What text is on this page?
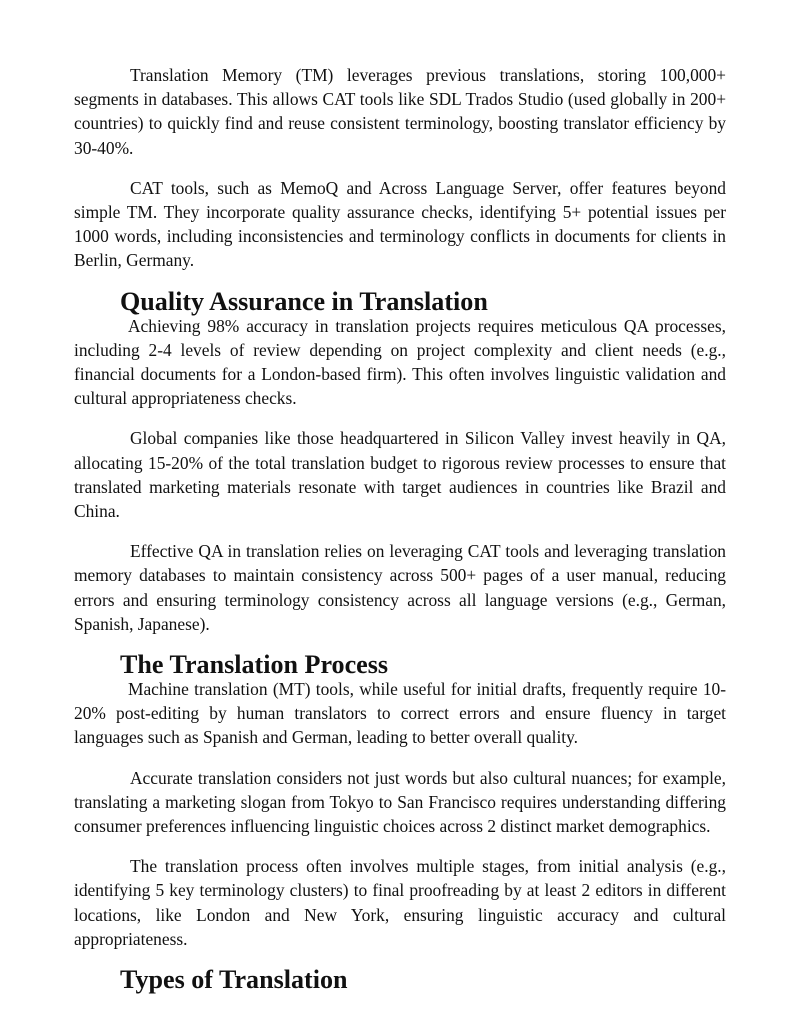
Translation Memory (TM) leverages previous translations, storing 100,000+ segments in databases. This allows CAT tools like SDL Trados Studio (used globally in 200+ countries) to quickly find and reuse consistent terminology, boosting translator efficiency by 30-40%.

CAT tools, such as MemoQ and Across Language Server, offer features beyond simple TM. They incorporate quality assurance checks, identifying 5+ potential issues per 1000 words, including inconsistencies and terminology conflicts in documents for clients in Berlin, Germany.

Quality Assurance in Translation

Achieving 98% accuracy in translation projects requires meticulous QA processes, including 2-4 levels of review depending on project complexity and client needs (e.g., financial documents for a London-based firm). This often involves linguistic validation and cultural appropriateness checks.

Global companies like those headquartered in Silicon Valley invest heavily in QA, allocating 15-20% of the total translation budget to rigorous review processes to ensure that translated marketing materials resonate with target audiences in countries like Brazil and China.

Effective QA in translation relies on leveraging CAT tools and leveraging translation memory databases to maintain consistency across 500+ pages of a user manual, reducing errors and ensuring terminology consistency across all language versions (e.g., German, Spanish, Japanese).

The Translation Process

Machine translation (MT) tools, while useful for initial drafts, frequently require 10-20% post-editing by human translators to correct errors and ensure fluency in target languages such as Spanish and German, leading to better overall quality.

Accurate translation considers not just words but also cultural nuances; for example, translating a marketing slogan from Tokyo to San Francisco requires understanding differing consumer preferences influencing linguistic choices across 2 distinct market demographics.

The translation process often involves multiple stages, from initial analysis (e.g., identifying 5 key terminology clusters) to final proofreading by at least 2 editors in different locations, like London and New York, ensuring linguistic accuracy and cultural appropriateness.

Types of Translation
